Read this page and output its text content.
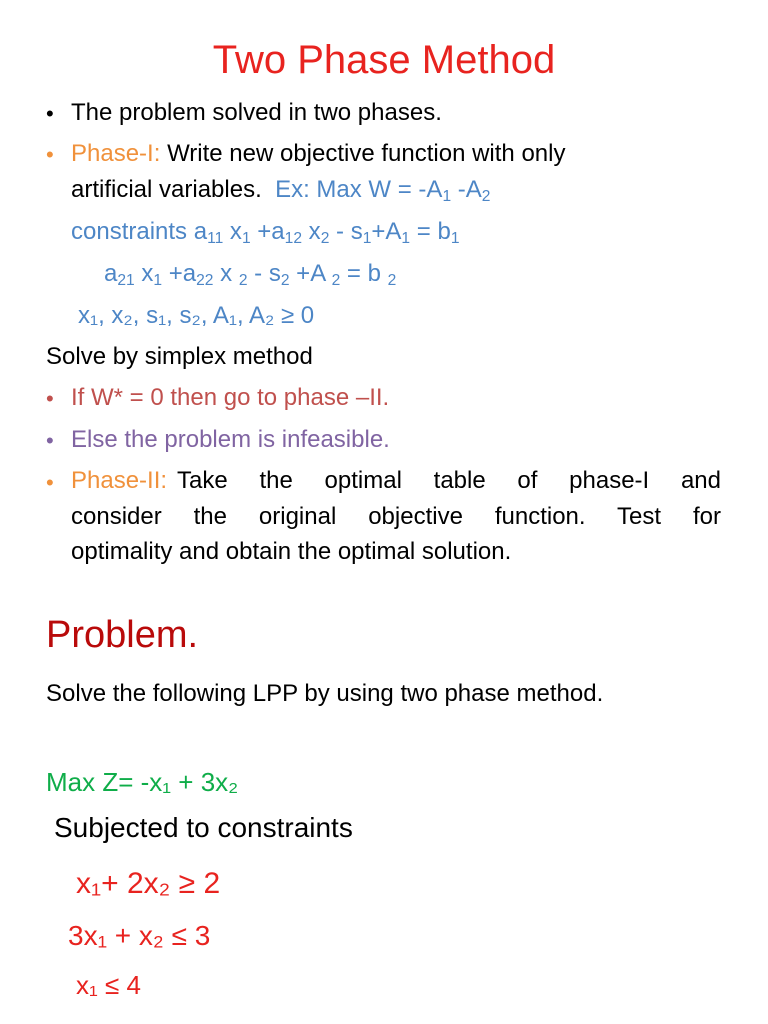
Two Phase Method
• The problem solved in two phases.
• Phase-I: Write new objective function with only
artificial variables. Ex: Max $W = -A_1$ $-A_2$
constraints $a_{11}$ $x_1 +a_{12}$ $x_2 - s_1+A_1 = b_1$
$a_{21}$ $x_1 +a_{22}$ x $_2 - s_2 +A$ $_2$ = b $_2$
x₁, x₂, s₁, s₂, A₁, A₂ ≥ 0
Solve by simplex method
• If W* = 0 then go to phase –II.
• Else the problem is infeasible.
• Phase-II: Take the optimal table of phase-I and
consider the original objective function. Test for
optimality and obtain the optimal solution.
Problem.
Solve the following LPP by using two phase method.
Max Z= -x₁ + 3x₂
Subjected to constraints
x₁+ 2x₂ ≥ 2
3x₁ + x₂ ≤ 3
x₁ ≤ 4
